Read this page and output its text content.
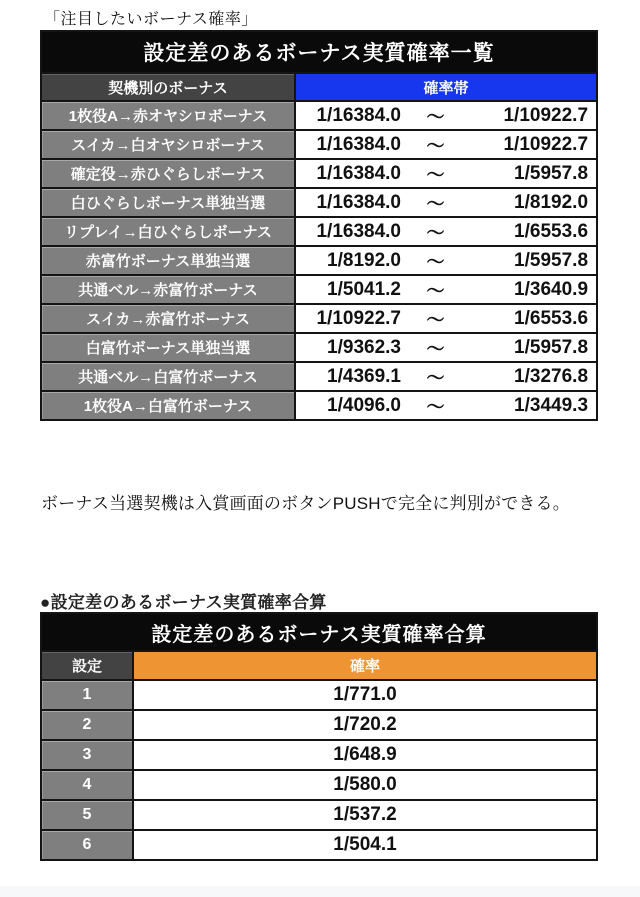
「注目したいボーナス確率」
設定差のあるボーナス実質確率一覧	
契機別のボーナス	確率帯
1枚役A→赤オヤシロボーナス	1/16384.0 ～ 1/10922.7

スイカ→白オヤシロボーナス	1/16384.0 ～ 1/10922.7

確定役→赤ひぐらしボーナス	1/16384.0 ～ 1/5957.8

白ひぐらしボーナス単独当選	1/16384.0 ～ 1/8192.0

リプレイ→白ひぐらしボーナス	1/16384.0 ～ 1/6553.6

赤富竹ボーナス単独当選	1/8192.0 ～ 1/5957.8

共通ベル→赤富竹ボーナス	1/5041.2 ～ 1/3640.9

スイカ→赤富竹ボーナス	1/10922.7 ～ 1/6553.6

白富竹ボーナス単独当選	1/9362.3 ～ 1/5957.8

共通ベル→白富竹ボーナス	1/4369.1 ～ 1/3276.8

1枚役A→白富竹ボーナス	1/4096.0 ～ 1/3449.3
ボーナス当選契機は入賞画面のボタンPUSHで完全に判別ができる。
●設定差のあるボーナス実質確率合算
設定差のあるボーナス実質確率合算	
設定	確率
1	1/771.0
2	1/720.2
3	1/648.9
4	1/580.0
5	1/537.2
6	1/504.1
